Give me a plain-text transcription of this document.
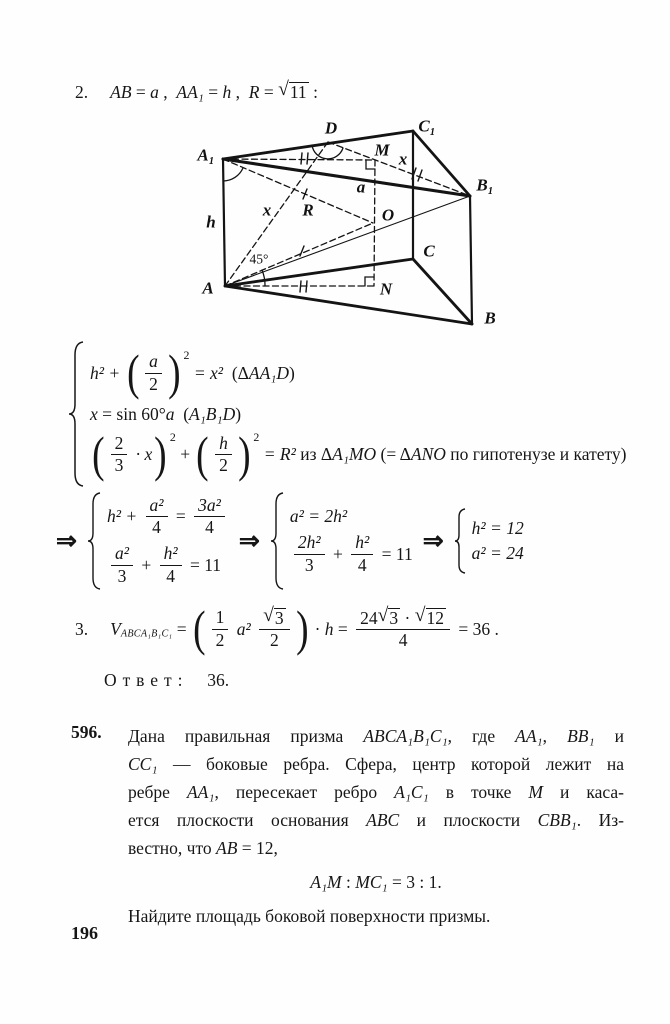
2. AB = a , AA₁ = h , R = √ 11 :
A₁
D	C₁
M x
B₁
a
R
x	O
h
C
45°
A	N
B
h² + ( $\frac{a}{2}$ ) 2
= x² (Δ AA₁D )
x = sin 60° a ( A₁B₁D )
( $\frac{2}{3} \cdot x$ ) 2
+ ( $\frac{h}{2}$ ) 2
= R² из Δ A₁MO (= Δ ANO по гипотенузе и катету)
⇒
$h^2 + \frac{\text{a²}}{4} = \frac{\text{3a²}}{4}$
$\frac{\text{a²}}{3} + \frac{\text{h²}}{4} = 11$
⇒
a² = 2h²
$\frac{\text{2h²}}{3} + \frac{\text{h²}}{4} = 11$ ⇒ h² = 12
a² = 24
3. V ABCA₁B₁C₁ = ( $\frac{1}{2} a^2 \frac{√ 3}{2}$ ) · $h = \frac{24 √ 3 \cdot √ 12}{4} = 36$ .
Ответ: 36.
596. Дана правильная призма ABCA₁B₁C₁, где AA₁, BB₁ и
CC₁ — боковые ребра. Сфера, центр которой лежит на
ребре AA₁, пересекает ребро A₁C₁ в точке M и каса-
ется плоскости основания ABC и плоскости CBB₁. Из-
вестно, что AB = 12,
A₁M : MC₁ = 3 : 1.
Найдите площадь боковой поверхности призмы.
196
